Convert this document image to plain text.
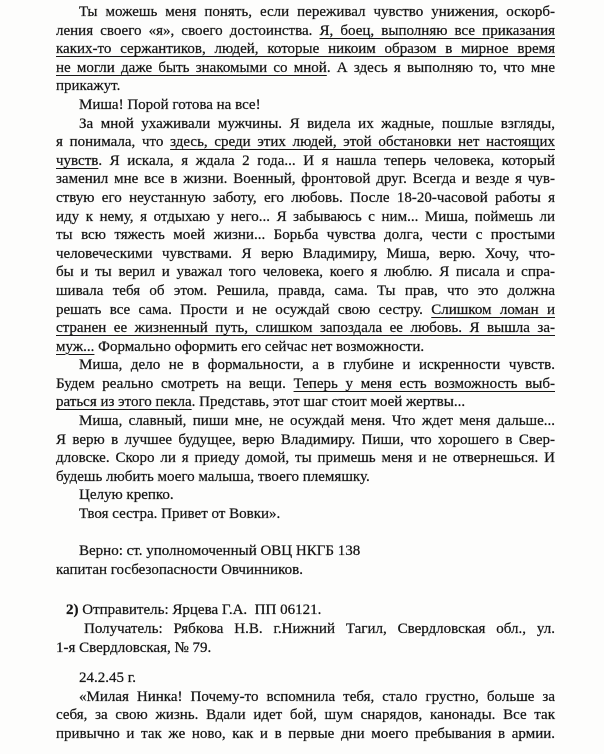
Ты можешь меня понять, если переживал чувство унижения, оскорб-
ления своего «я», своего достоинства. Я, боец, выполняю все приказания
каких-то сержантиков, людей, которые никоим образом в мирное время
не могли даже быть знакомыми со мной. А здесь я выполняю то, что мне
прикажут.
Миша! Порой готова на все!
За мной ухаживали мужчины. Я видела их жадные, пошлые взгляды,
я понимала, что здесь, среди этих людей, этой обстановки нет настоящих
чувств. Я искала, я ждала 2 года... И я нашла теперь человека, который
заменил мне все в жизни. Военный, фронтовой друг. Всегда и везде я чув-
ствую его неустанную заботу, его любовь. После 18-20-часовой работы я
иду к нему, я отдыхаю у него... Я забываюсь с ним... Миша, поймешь ли
ты всю тяжесть моей жизни... Борьба чувства долга, чести с простыми
человеческими чувствами. Я верю Владимиру, Миша, верю. Хочу, что-
бы и ты верил и уважал того человека, коего я люблю. Я писала и спра-
шивала тебя об этом. Решила, правда, сама. Ты прав, что это должна
решать все сама. Прости и не осуждай свою сестру. Слишком ломан и
странен ее жизненный путь, слишком запоздала ее любовь. Я вышла за-
муж... Формально оформить его сейчас нет возможности.
Миша, дело не в формальности, а в глубине и искренности чувств.
Будем реально смотреть на вещи. Теперь у меня есть возможность выб-
раться из этого пекла. Представь, этот шаг стоит моей жертвы...
Миша, славный, пиши мне, не осуждай меня. Что ждет меня дальше...
Я верю в лучшее будущее, верю Владимиру. Пиши, что хорошего в Свер-
дловске. Скоро ли я приеду домой, ты примешь меня и не отвернешься. И
будешь любить моего малыша, твоего племяшку.
Целую крепко.
Твоя сестра. Привет от Вовки».
Верно: ст. уполномоченный ОВЦ НКГБ 138
капитан госбезопасности Овчинников.
2) Отправитель: Ярцева Г.А.  ПП 06121.
Получатель: Рябкова Н.В. г.Нижний Тагил, Свердловская обл., ул.
1-я Свердловская, № 79.
24.2.45 г.
«Милая Нинка! Почему-то вспомнила тебя, стало грустно, больше за
себя, за свою жизнь. Вдали идет бой, шум снарядов, канонады. Все так
привычно и так же ново, как и в первые дни моего пребывания в армии.
